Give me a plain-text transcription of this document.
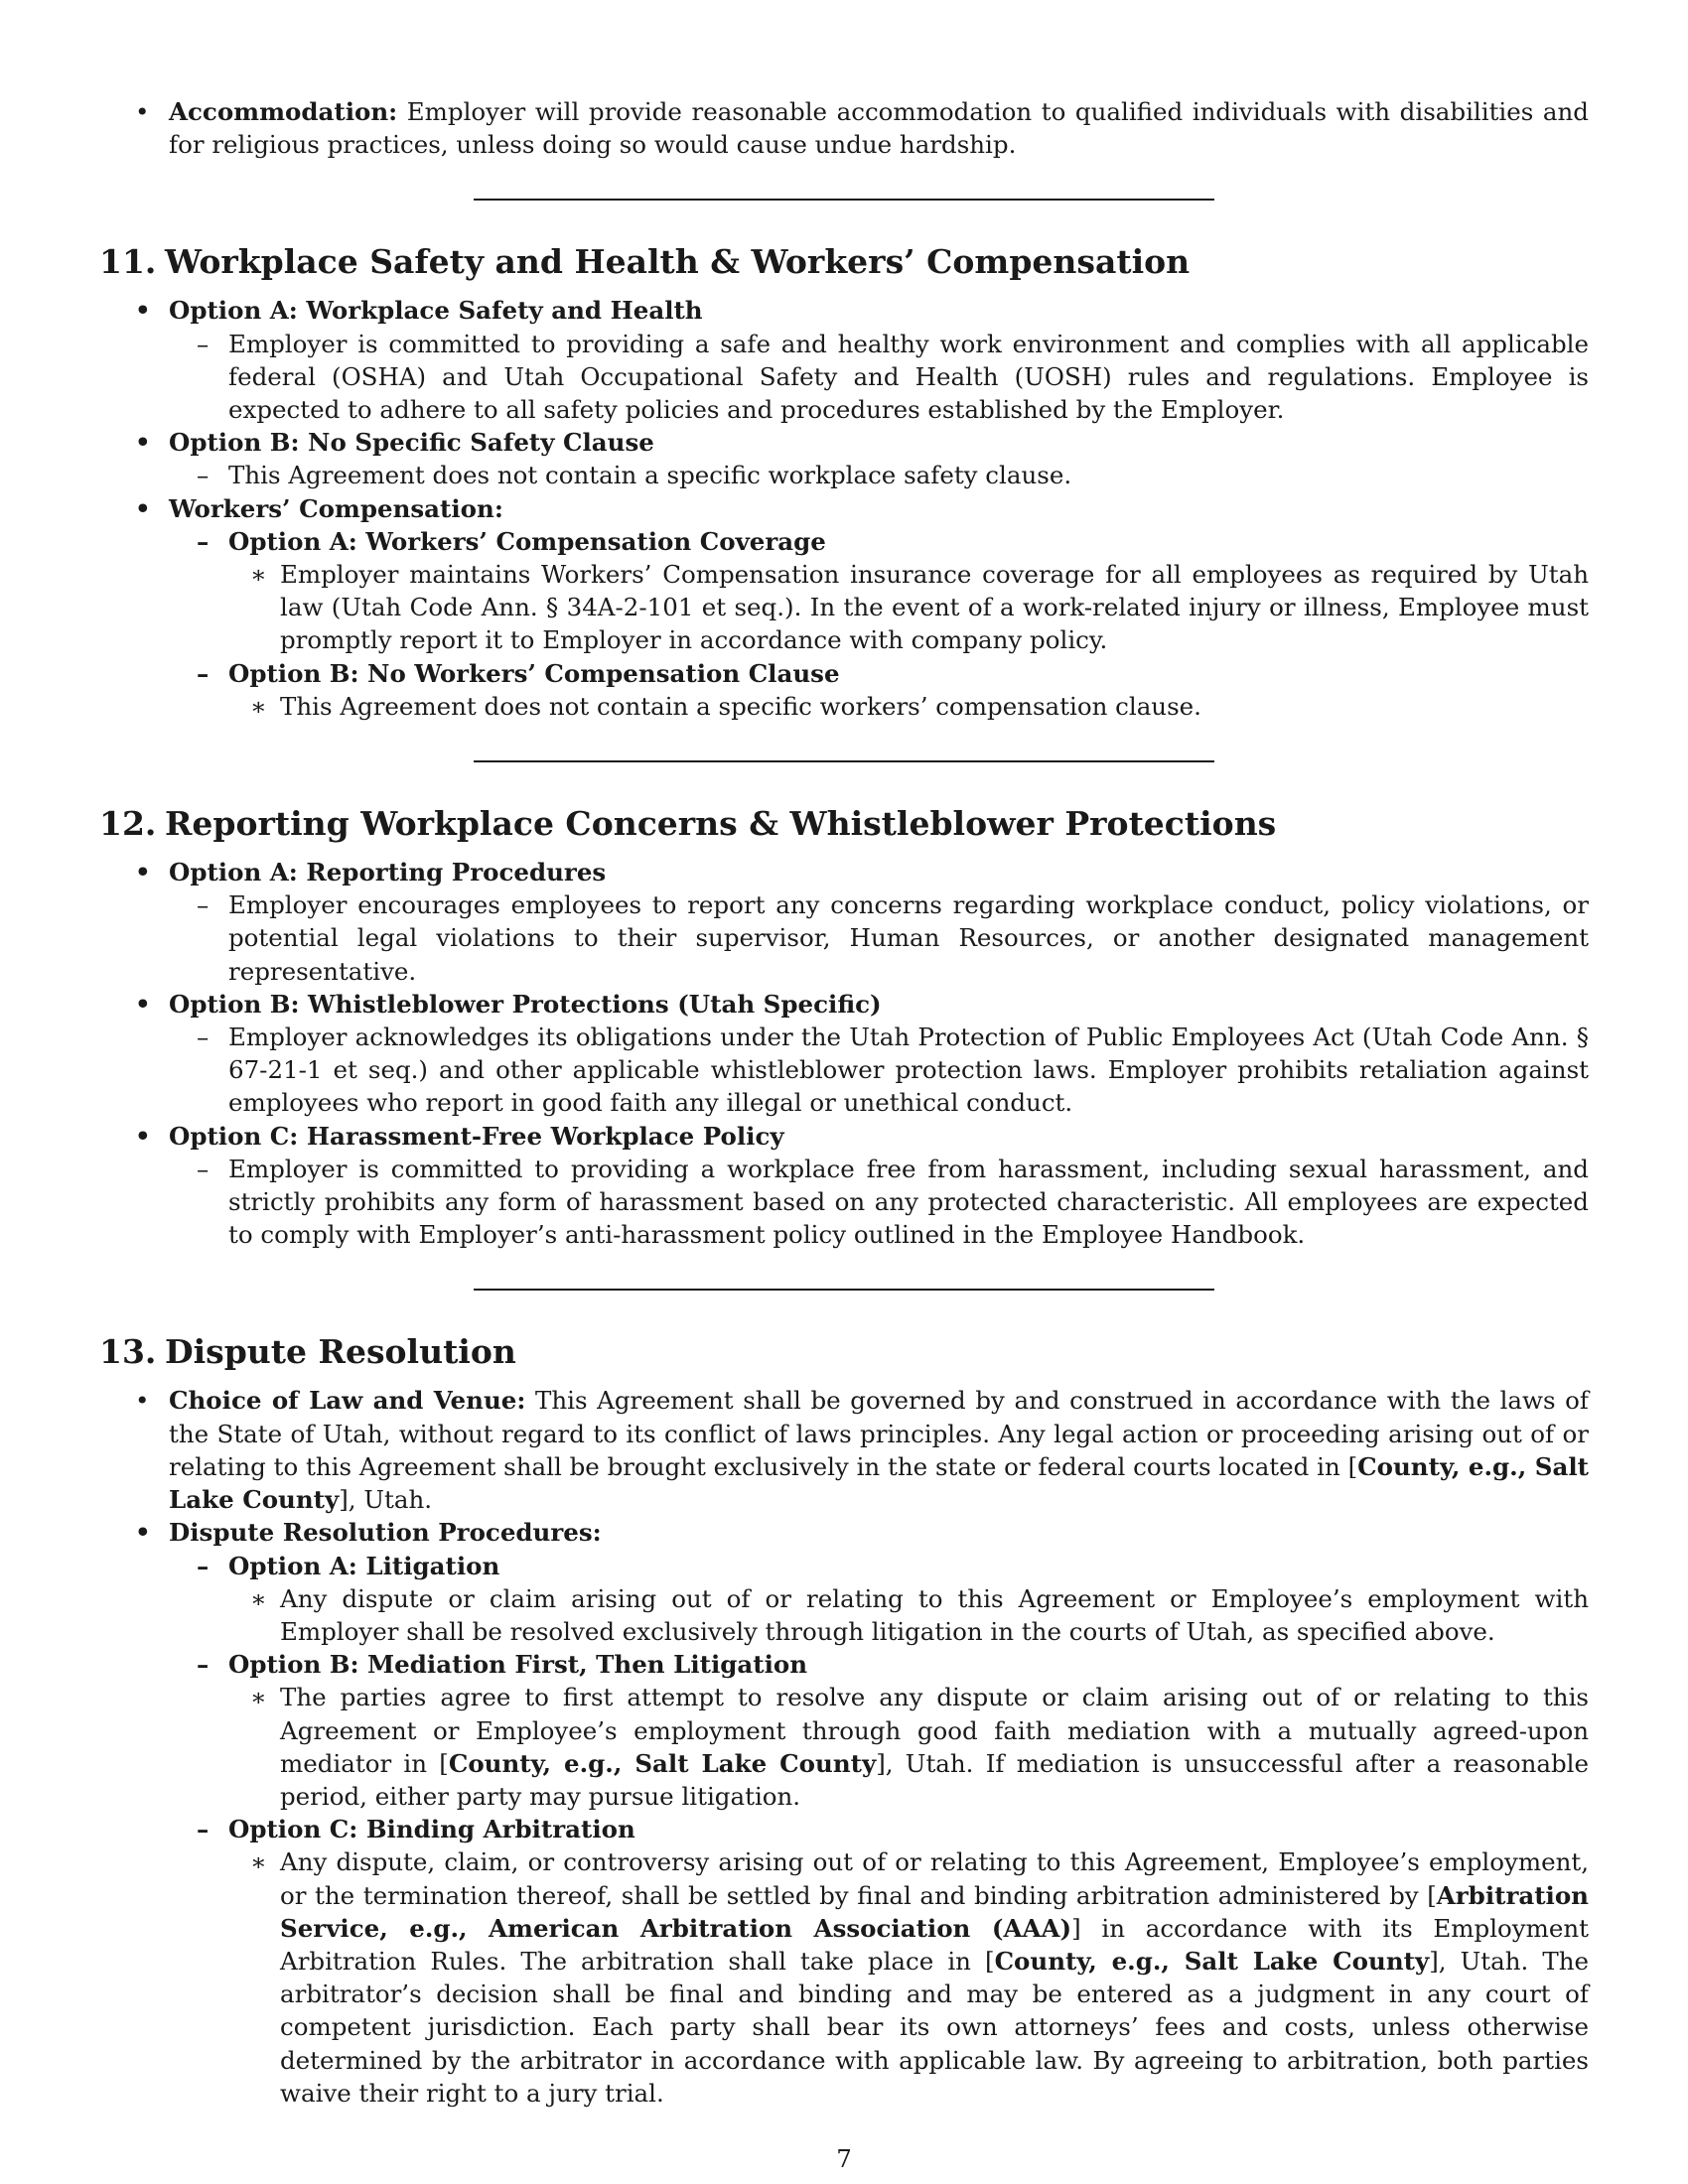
• Accommodation: Employer will provide reasonable accommodation to qualified individuals with disabilities and for religious practices, unless doing so would cause undue hardship.

11. Workplace Safety and Health & Workers’ Compensation

• Option A: Workplace Safety and Health

– Employer is committed to providing a safe and healthy work environment and complies with all applicable federal (OSHA) and Utah Occupational Safety and Health (UOSH) rules and regulations. Employee is expected to adhere to all safety policies and procedures established by the Employer.

• Option B: No Specific Safety Clause

– This Agreement does not contain a specific workplace safety clause.

• Workers’ Compensation:

– Option A: Workers’ Compensation Coverage

∗ Employer maintains Workers’ Compensation insurance coverage for all employees as required by Utah law (Utah Code Ann. § 34A-2-101 et seq.). In the event of a work-related injury or illness, Employee must promptly report it to Employer in accordance with company policy.

– Option B: No Workers’ Compensation Clause

∗ This Agreement does not contain a specific workers’ compensation clause.

12. Reporting Workplace Concerns & Whistleblower Protections

• Option A: Reporting Procedures

– Employer encourages employees to report any concerns regarding workplace conduct, policy violations, or potential legal violations to their supervisor, Human Resources, or another designated management representative.

• Option B: Whistleblower Protections (Utah Specific)

– Employer acknowledges its obligations under the Utah Protection of Public Employees Act (Utah Code Ann. § 67-21-1 et seq.) and other applicable whistleblower protection laws. Employer prohibits retaliation against employees who report in good faith any illegal or unethical conduct.

• Option C: Harassment-Free Workplace Policy

– Employer is committed to providing a workplace free from harassment, including sexual harassment, and strictly prohibits any form of harassment based on any protected characteristic. All employees are expected to comply with Employer’s anti-harassment policy outlined in the Employee Handbook.

13. Dispute Resolution

• Choice of Law and Venue: This Agreement shall be governed by and construed in accordance with the laws of the State of Utah, without regard to its conflict of laws principles. Any legal action or proceeding arising out of or relating to this Agreement shall be brought exclusively in the state or federal courts located in [County, e.g., Salt Lake County], Utah.

• Dispute Resolution Procedures:

– Option A: Litigation

∗ Any dispute or claim arising out of or relating to this Agreement or Employee’s employment with Employer shall be resolved exclusively through litigation in the courts of Utah, as specified above.

– Option B: Mediation First, Then Litigation

∗ The parties agree to first attempt to resolve any dispute or claim arising out of or relating to this Agreement or Employee’s employment through good faith mediation with a mutually agreed-upon mediator in [County, e.g., Salt Lake County], Utah. If mediation is unsuccessful after a reasonable period, either party may pursue litigation.

– Option C: Binding Arbitration

∗ Any dispute, claim, or controversy arising out of or relating to this Agreement, Employee’s employment, or the termination thereof, shall be settled by final and binding arbitration administered by [Arbitration Service, e.g., American Arbitration Association (AAA)] in accordance with its Employment Arbitration Rules. The arbitration shall take place in [County, e.g., Salt Lake County], Utah. The arbitrator’s decision shall be final and binding and may be entered as a judgment in any court of competent jurisdiction. Each party shall bear its own attorneys’ fees and costs, unless otherwise determined by the arbitrator in accordance with applicable law. By agreeing to arbitration, both parties waive their right to a jury trial.

7
